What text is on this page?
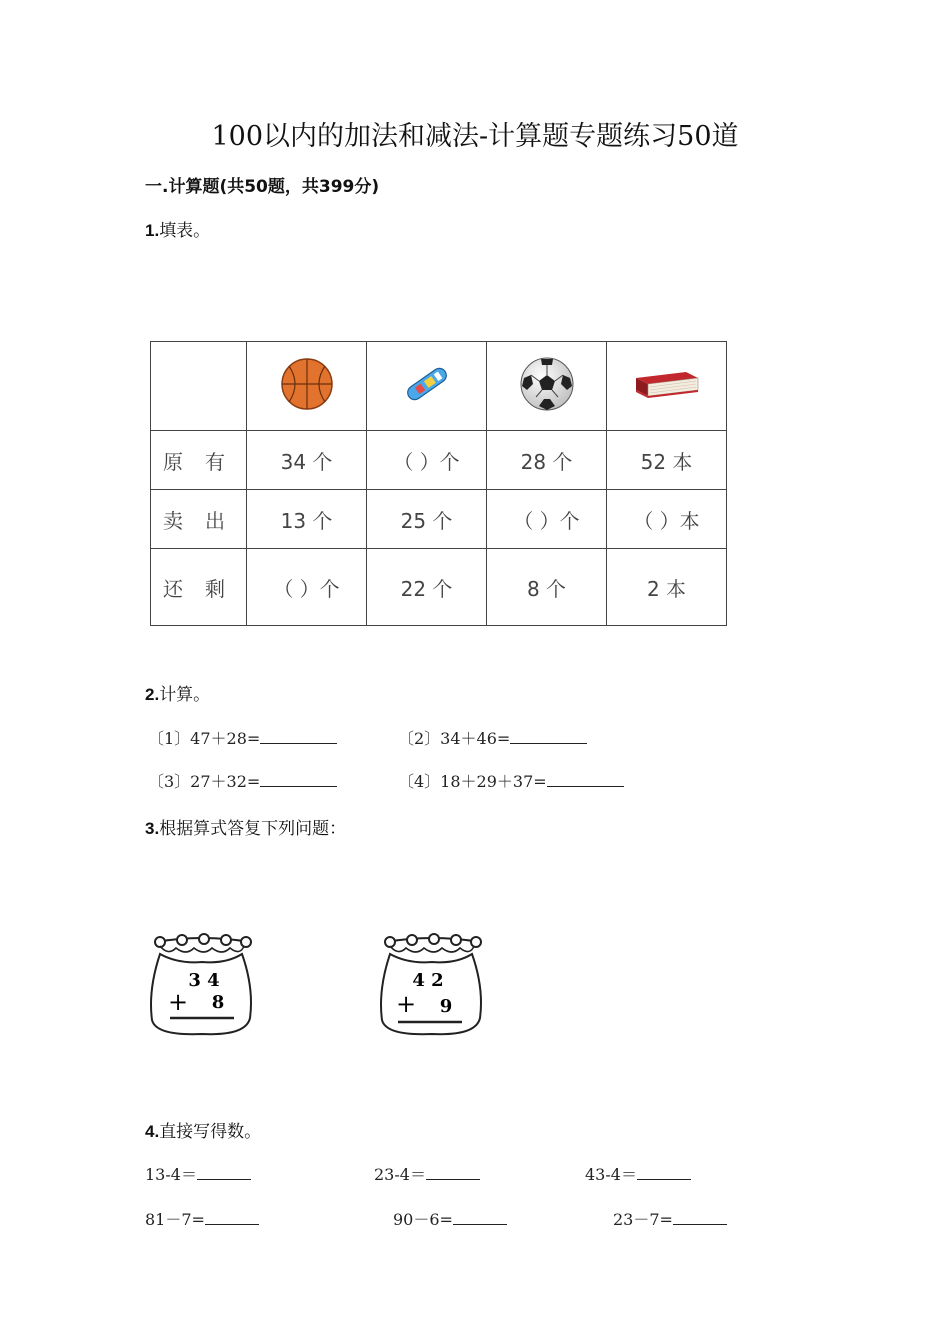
100以内的加法和减法-计算题专题练习50道
一.计算题(共50题，共399分)
1.填表。

原 有	34 个	（ ）个	28 个	52 本
卖 出	13 个	25 个	（ ）个	（ ）本
还 剩	（ ）个	22 个	8 个	2 本
2.计算。
〔1〕47＋28=	〔2〕34＋46=
〔3〕27＋32=	〔4〕18＋29＋37=
3.根据算式答复下列问题：
3 4
+ 8
4 2
+ 9
4.直接写得数。
13-4＝	23-4＝	43-4＝
81－7=	90－6=	23－7=
